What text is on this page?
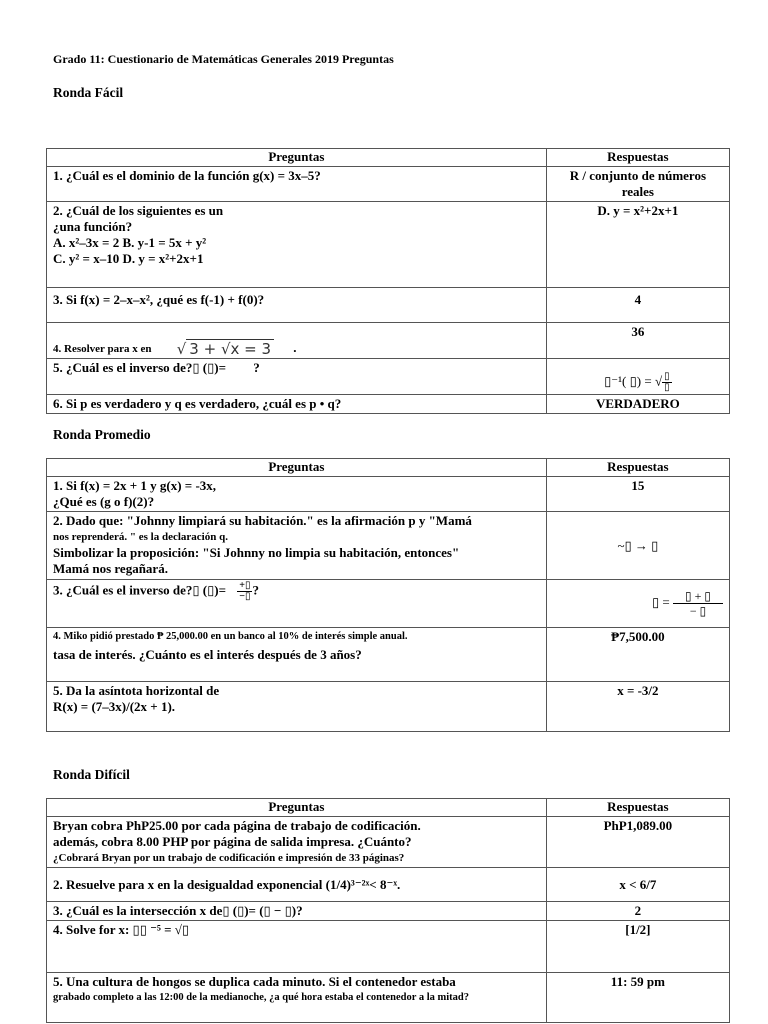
Grado 11: Cuestionario de Matemáticas Generales 2019 Preguntas
Ronda Fácil
Preguntas	Respuestas
1. ¿Cuál es el dominio de la función g(x) = 3x–5?	R / conjunto de números reales

2. ¿Cuál de los siguientes es un
¿una función?
A. x²–3x = 2 B. y-1 = 5x + y²
C. y² = x–10 D. y = x²+2x+1	D. y = x²+2x+1
3. Si f(x) = 2–x–x², ¿qué es f(-1) + f(0)?	4
4. Resolver para x en √ 3 + √x = 3 .	36
5. ¿Cuál es el inverso de?▯ (▯)= ?	▯⁻¹( ▯) = √ $\frac{▯}{▯}$
6. Si p es verdadero y q es verdadero, ¿cuál es p • q?	VERDADERO
Ronda Promedio
Preguntas	Respuestas

1. Si f(x) = 2x + 1 y g(x) = -3x,
¿Qué es (g o f)(2)?	15

2. Dado que: "Johnny limpiará su habitación." es la afirmación p y "Mamá
nos reprenderá. " es la declaración q.
Simbolizar la proposición: "Si Johnny no limpia su habitación, entonces"
Mamá nos regañará.	~▯ → ▯
3. ¿Cuál es el inverso de?▯ (▯)= $\frac{+▯}{-▯}$?	▯ = $\frac{▯ + ▯}{- ▯}$

4. Miko pidió prestado ₱ 25,000.00 en un banco al 10% de interés simple anual.
tasa de interés. ¿Cuánto es el interés después de 3 años?	₱7,500.00

5. Da la asíntota horizontal de
R(x) = (7–3x)/(2x + 1).	x = -3/2
Ronda Difícil
Preguntas	Respuestas

Bryan cobra PhP25.00 por cada página de trabajo de codificación.
además, cobra 8.00 PHP por página de salida impresa. ¿Cuánto?
¿Cobrará Bryan por un trabajo de codificación e impresión de 33 páginas?	PhP1,089.00
2. Resuelve para x en la desigualdad exponencial (1/4)³⁻²ˣ< 8⁻ˣ.	x < 6/7
3. ¿Cuál es la intersección x de▯ (▯)= (▯ − ▯)?	2
4. Solve for x: ▯▯ ⁻⁵ = √▯	[1/2]

5. Una cultura de hongos se duplica cada minuto. Si el contenedor estaba
grabado completo a las 12:00 de la medianoche, ¿a qué hora estaba el contenedor a la mitad?	11: 59 pm
